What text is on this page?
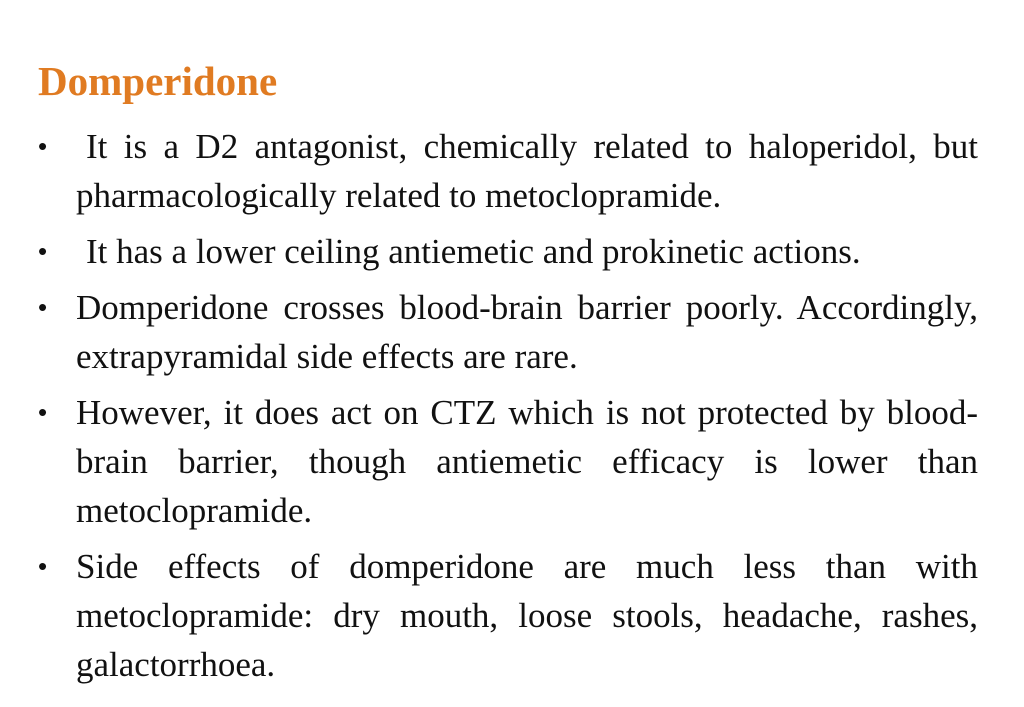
Domperidone
•	It is a D2 antagonist, chemically related to haloperidol, but pharmacologically related to metoclopramide.
•	It has a lower ceiling antiemetic and prokinetic actions.
• Domperidone crosses blood-brain barrier poorly. Accordingly, extrapyramidal side effects are rare.
• However, it does act on CTZ which is not protected by blood-brain barrier, though antiemetic efficacy is lower than metoclopramide.
• Side effects of domperidone are much less than with metoclopramide: dry mouth, loose stools, headache, rashes, galactorrhoea.
